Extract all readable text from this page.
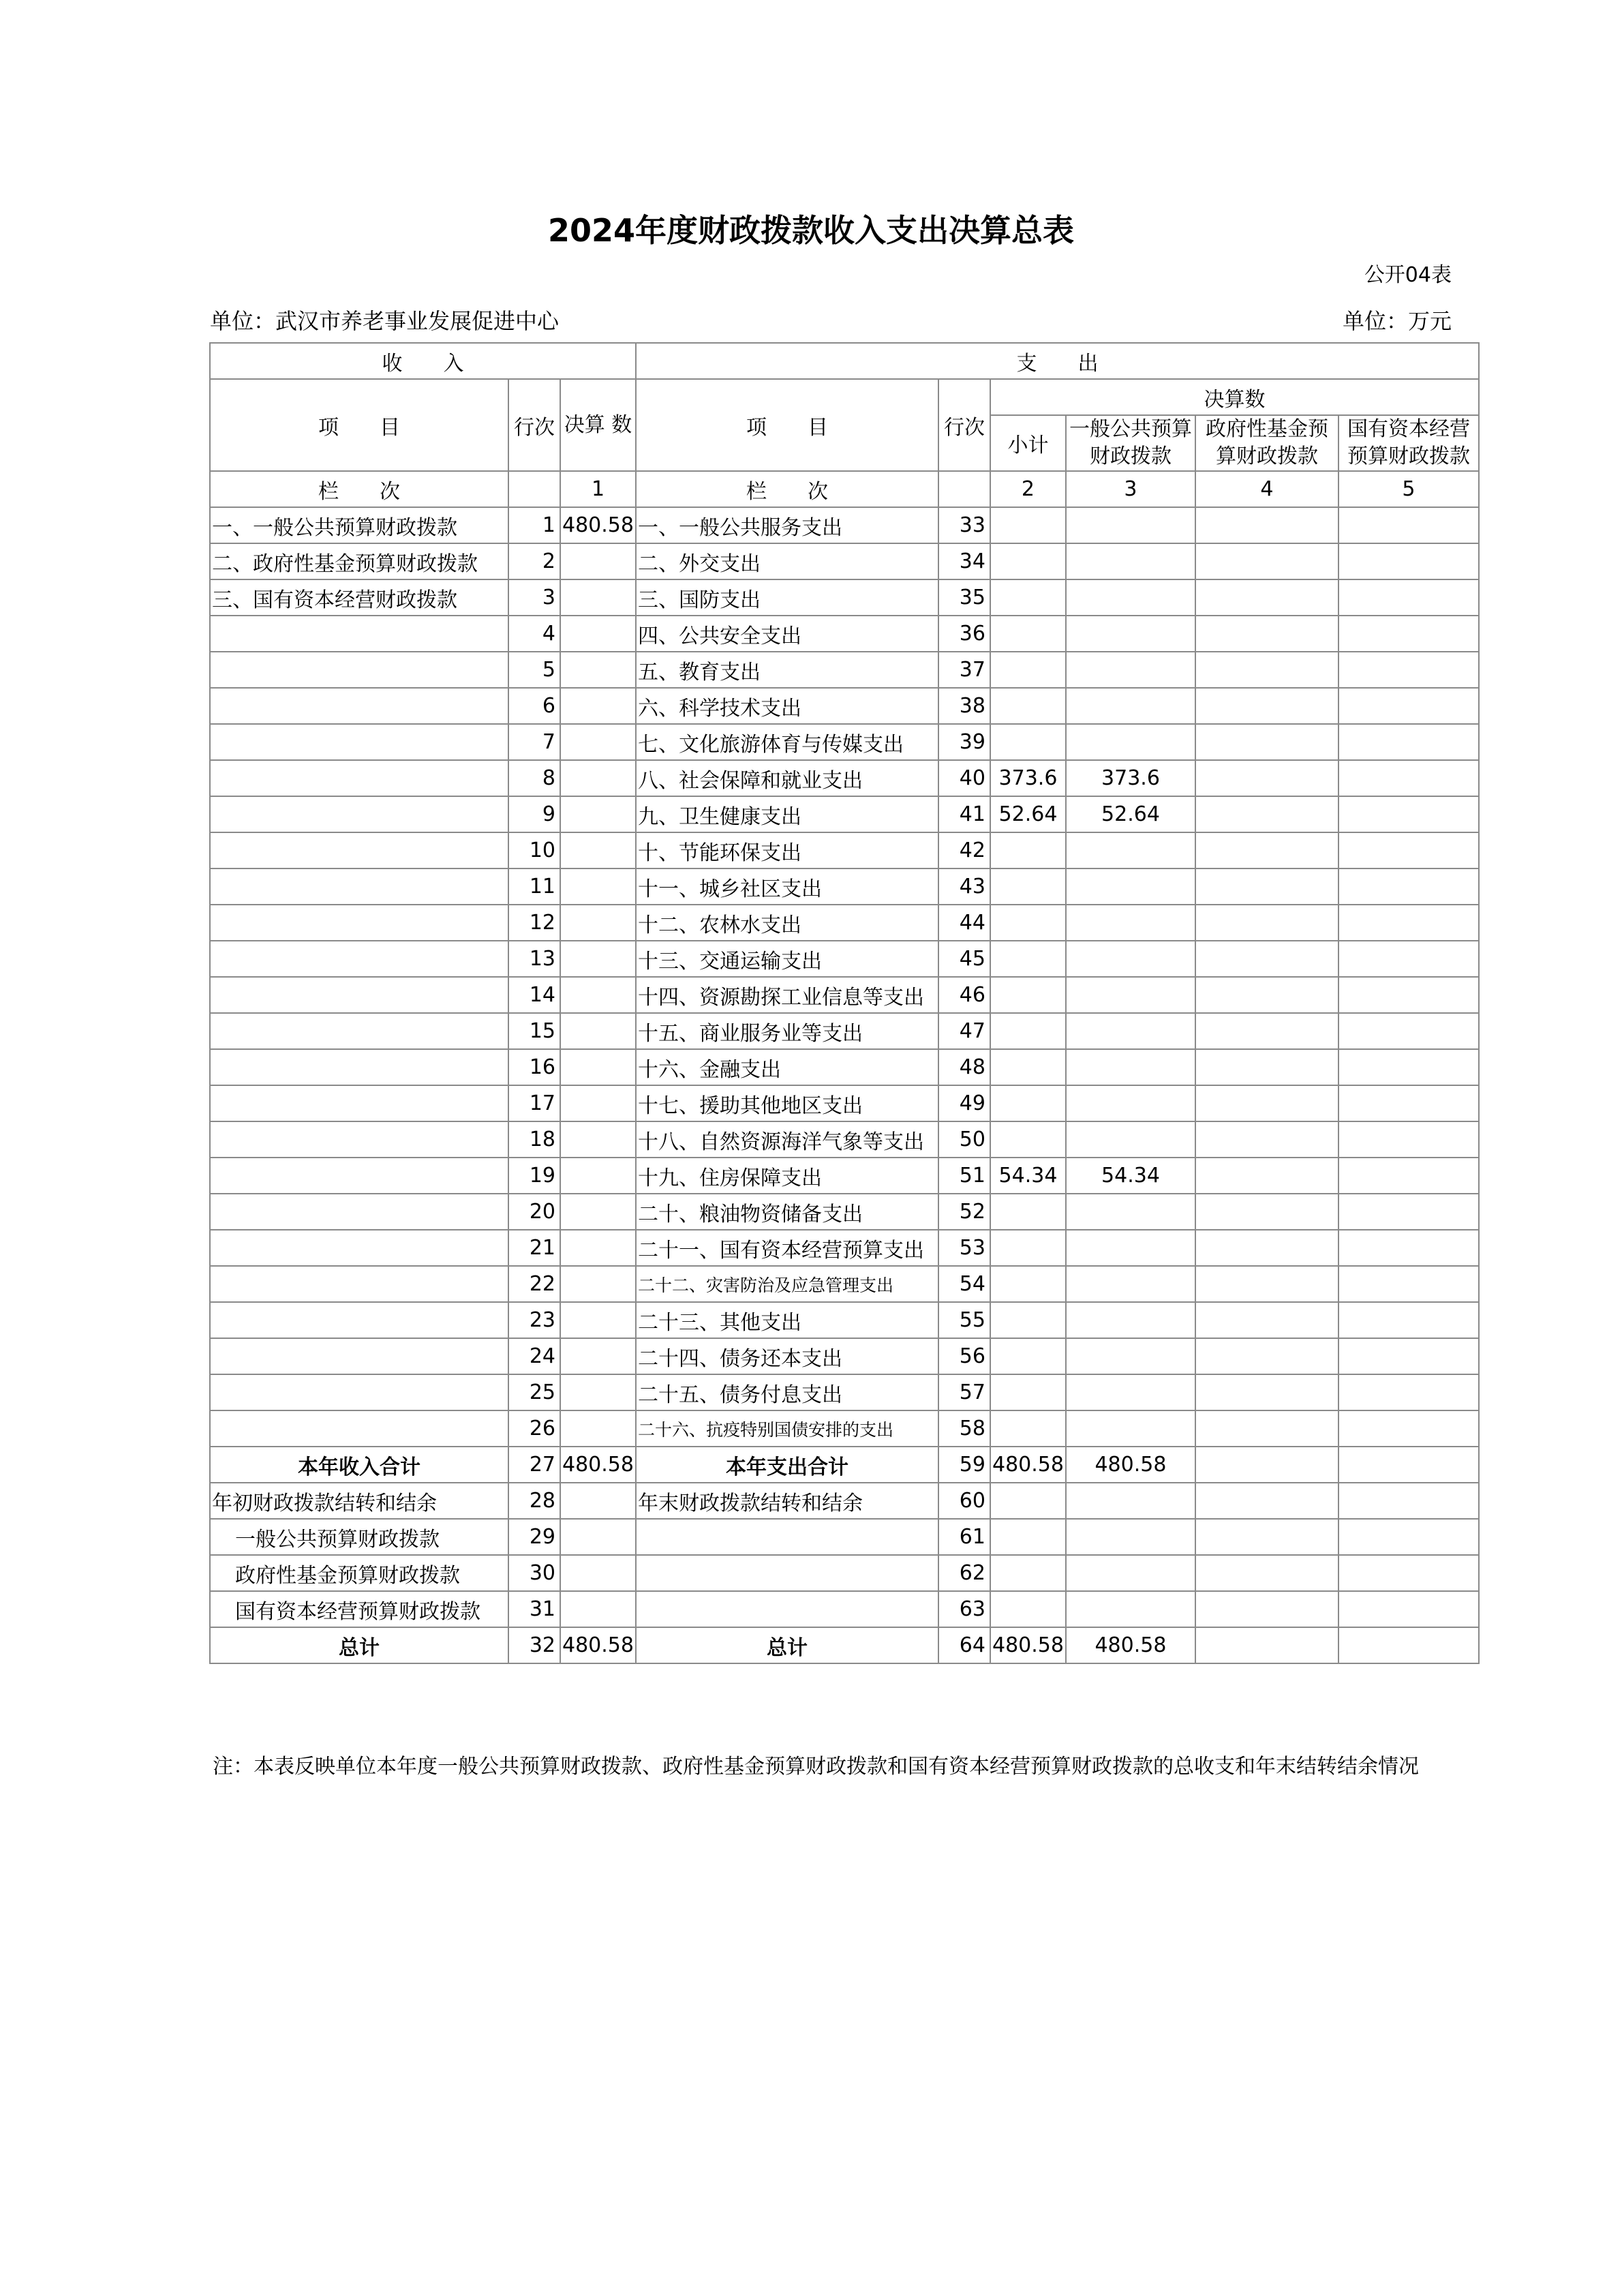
2024年度财政拨款收入支出决算总表
公开04表
单位：武汉市养老事业发展促进中心	单位：万元
收　　入			支　　出					
项　　目	行次	决算 数	项　　目	行次	决算数			
					小计	一般公共预算财政拨款	政府性基金预算财政拨款	国有资本经营预算财政拨款
栏　　次		1	栏　　次		2	3	4	5
一、一般公共预算财政拨款	1	480.58	一、一般公共服务支出	33				
二、政府性基金预算财政拨款	2		二、外交支出	34				
三、国有资本经营财政拨款	3		三、国防支出	35				
	4		四、公共安全支出	36				
	5		五、教育支出	37				
	6		六、科学技术支出	38				
	7		七、文化旅游体育与传媒支出	39				
	8		八、社会保障和就业支出	40	373.6	373.6		
	9		九、卫生健康支出	41	52.64	52.64		
	10		十、节能环保支出	42				
	11		十一、城乡社区支出	43				
	12		十二、农林水支出	44				
	13		十三、交通运输支出	45				
	14		十四、资源勘探工业信息等支出	46				
	15		十五、商业服务业等支出	47				
	16		十六、金融支出	48				
	17		十七、援助其他地区支出	49				
	18		十八、自然资源海洋气象等支出	50				
	19		十九、住房保障支出	51	54.34	54.34		
	20		二十、粮油物资储备支出	52				
	21		二十一、国有资本经营预算支出	53				
	22		二十二、灾害防治及应急管理支出	54				
	23		二十三、其他支出	55				
	24		二十四、债务还本支出	56				
	25		二十五、债务付息支出	57				
	26		二十六、抗疫特别国债安排的支出	58				
本年收入合计	27	480.58	本年支出合计	59	480.58	480.58		
年初财政拨款结转和结余	28		年末财政拨款结转和结余	60				
一般公共预算财政拨款	29			61				
政府性基金预算财政拨款	30			62				
国有资本经营预算财政拨款	31			63				
总计	32	480.58	总计	64	480.58	480.58		
注：本表反映单位本年度一般公共预算财政拨款、政府性基金预算财政拨款和国有资本经营预算财政拨款的总收支和年末结转结余情况
